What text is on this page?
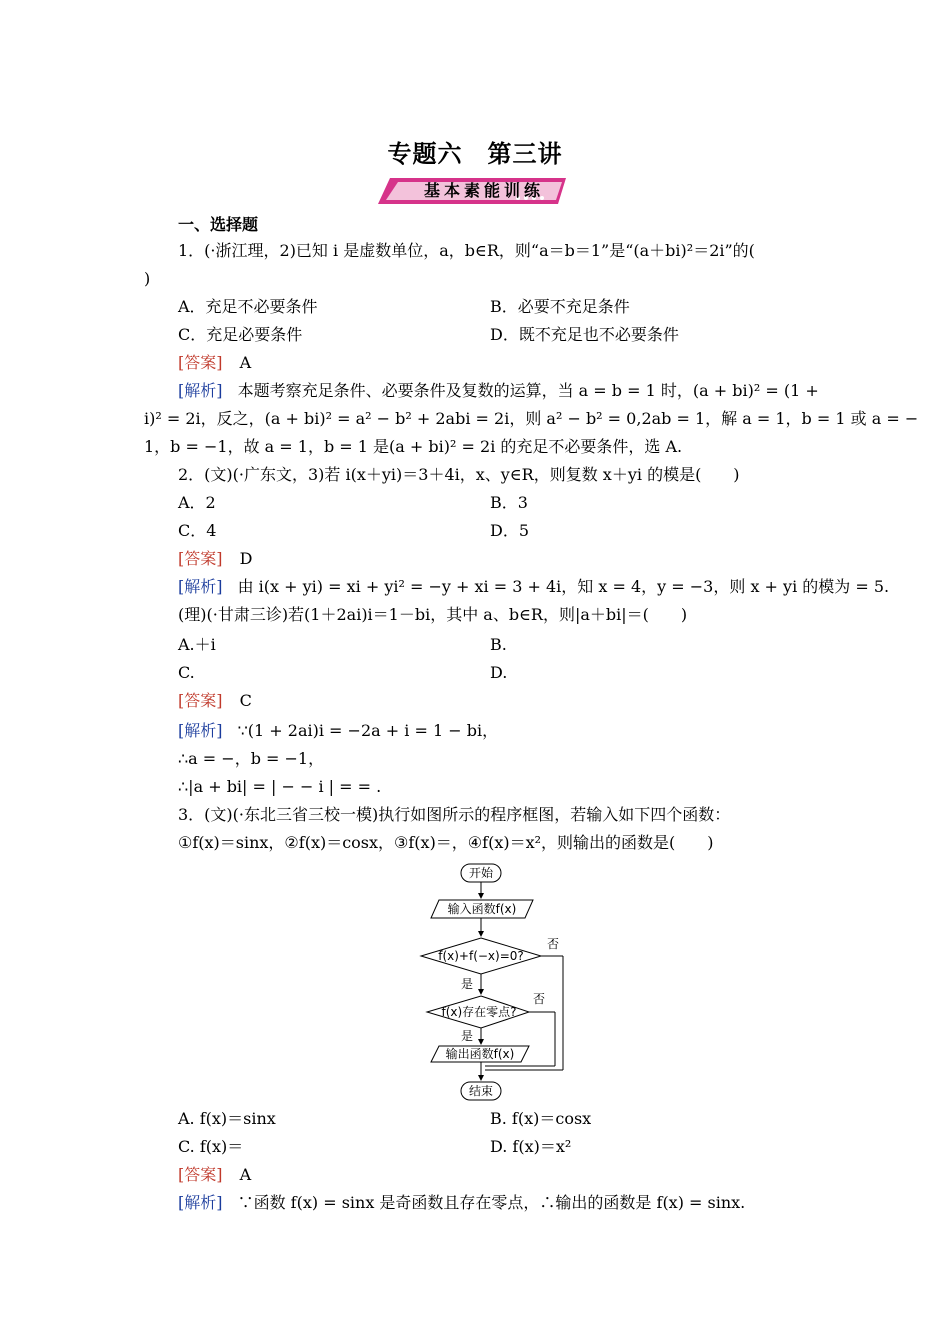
专题六　第三讲
基本素能训练
一、选择题
1．(·浙江理，2)已知 i 是虚数单位，a，b∈R，则“a＝b＝1”是“(a＋bi)²＝2i”的(
)
A．充足不必要条件	B．必要不充足条件
C．充足必要条件	D．既不充足也不必要条件
[答案] A
[解析] 本题考察充足条件、必要条件及复数的运算，当 a = b = 1 时，(a + bi)² = (1 +
i)² = 2i，反之，(a + bi)² = a² − b² + 2abi = 2i，则 a² − b² = 0,2ab = 1，解 a = 1，b = 1 或 a = −
1，b = −1，故 a = 1，b = 1 是(a + bi)² = 2i 的充足不必要条件，选 A.
2．(文)(·广东文，3)若 i(x＋yi)＝3＋4i，x、y∈R，则复数 x＋yi 的模是(　　)
A．2	B．3
C．4	D．5
[答案] D
[解析] 由 i(x + yi) = xi + yi² = −y + xi = 3 + 4i，知 x = 4，y = −3，则 x + yi 的模为 = 5.
(理)(·甘肃三诊)若(1＋2ai)i＝1－bi，其中 a、b∈R，则|a＋bi|＝(　　)
A.＋i	B.
C.	D.
[答案] C
[解析] ∵(1 + 2ai)i = −2a + i = 1 − bi，
∴a = −，b = −1，
∴|a + bi| = | − − i | = = .
3．(文)(·东北三省三校一模)执行如图所示的程序框图，若输入如下四个函数：
①f(x)＝sinx，②f(x)＝cosx，③f(x)＝，④f(x)＝x²，则输出的函数是(　　)
开始
输入函数f(x)
f(x)+f(−x)=0?
否
是
f(x)存在零点?
否
是
输出函数f(x)
结束
A. f(x)＝sinx	B. f(x)＝cosx
C. f(x)＝	D. f(x)＝x²
[答案] A
[解析] ∵函数 f(x) = sinx 是奇函数且存在零点，∴输出的函数是 f(x) = sinx.
